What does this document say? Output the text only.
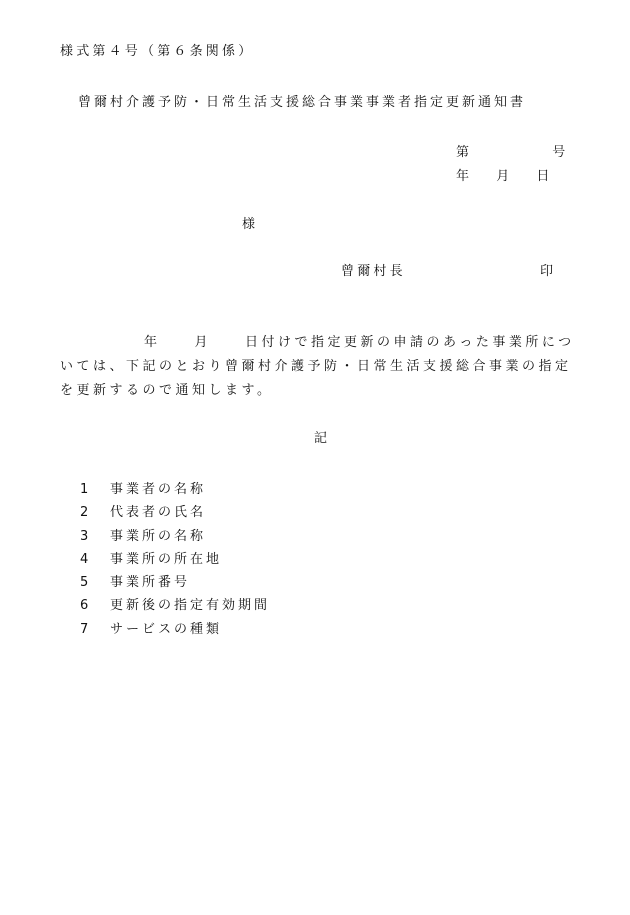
様式第４号（第６条関係）
曾爾村介護予防・日常生活支援総合事業事業者指定更新通知書
第	号
年 月 日
様
曾爾村長	印
年	月	日付けで指定更新の申請のあった事業所については、下記のとおり曾爾村介護予防・日常生活支援総合事業の指定を更新するので通知します。
記
1 事業者の名称
2 代表者の氏名
3 事業所の名称
4 事業所の所在地
5 事業所番号
6 更新後の指定有効期間
7 サービスの種類
